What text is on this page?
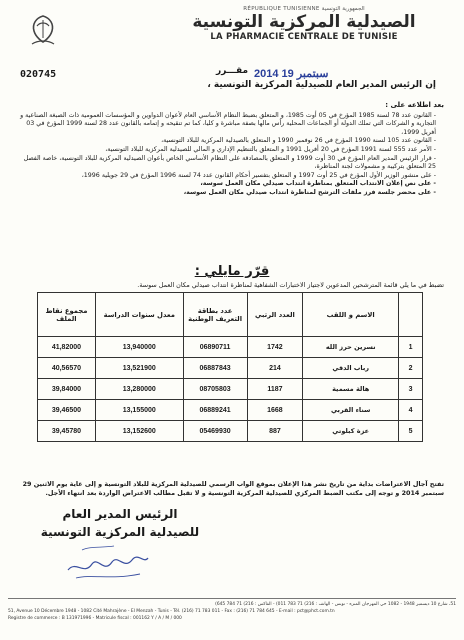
RÉPUBLIQUE TUNISIENNE الجمهورية التونسية
الصيدلية المركزية التونسية
LA PHARMACIE CENTRALE DE TUNISIE
020745	مقـــرر 2014 سبتمبر 19
إن الرئيس المدير العام للصيدلية المركزية التونسية ،
بعد اطلاعه على :
- القانون عدد 78 لسنة 1985 المؤرخ في 05 أوت 1985، و المتعلق بضبط النظام الأساسي العام لأعوان الدواوين و المؤسسات العمومية ذات الصبغة الصناعية و التجارية و الشركات التي تملك الدولة أو الجماعات المحلية رأس مالها بصفة مباشرة و كليا، كما تم تنقيحه و إتمامه بالقانون عدد 28 لسنة 1999 المؤرخ في 03 أفريل 1999،
- القانون عدد 105 لسنة 1990 المؤرخ في 26 نوفمبر 1990 و المتعلق بالصيدلية المركزية للبلاد التونسية،
- الأمر عدد 555 لسنة 1991 المؤرخ في 20 أفريل 1991 و المتعلق بالتنظيم الإداري و المالي للصيدلية المركزية للبلاد التونسية،
- قرار الرئيس المدير العام المؤرخ في 30 أوت 1999 و المتعلق بالمصادقة على النظام الأساسي الخاص بأعوان الصيدلية المركزية للبلاد التونسية، خاصة الفصل 25 المتعلق بتركيبة و مشمولات لجنة المناظرة،
- على منشور الوزير الأول المؤرخ في 25 أوت 1997 و المتعلق بتفسير أحكام القانون عدد 74 لسنة 1996 المؤرخ في 29 جويلية 1996،
- على نص إعلان الانتداب المتعلق بمناظرة انتداب صيدلي مكان العمل سوسة،
- على محضر جلسة فرز ملفات الترشح لمناظرة انتداب صيدلي مكان العمل سوسة،
قرّر مايلي :
تضبط في ما يلي قائمة المترشحين المدعوين لاجتياز الاختبارات الشفاهية لمناظرة انتداب صيدلي مكان العمل سوسة.
مجموع نقاط الملف	معدل سنوات الدراسة	عدد بطاقة التعريف الوطنية	العدد الرتبي	الاسم و اللقب	
41,82000	13,940000	06890711	1742	نسرين حرز الله	1
40,56570	13,521900	06887843	214	رباب الدقي	2
39,84000	13,280000	08705803	1187	هالة مسمية	3
39,46500	13,155000	06889241	1668	سناء القربي	4
39,45780	13,152600	05469930	887	عزة كبلوتي	5
تفتح آجال الاعتراضات بداية من تاريخ نشر هذا الإعلان بموقع الواب الرسمي للصيدلية المركزية للبلاد التونسية و إلى غاية يوم الاثنين 29 سبتمبر 2014 و توجه إلى مكتب الضبط المركزي للصيدلية المركزية التونسية و لا تقبل مطالب الاعتراض الواردة بعد انتهاء الأجل.
الرئيس المدير العام
للصيدلية المركزية التونسية
51، شارع 10 ديسمبر 1948 - 1082 حي المهرجان المنزه - تونس - الهاتف : 216) 71 783 011) - الفاكس : 216) 71 784 645)
51, Avenue 10 Décembre 1948 - 1082 Cité Mahrajène - El Menzah - Tunis - Tél. (216) 71 783 011 - Fax : (216) 71 784 645 - E-mail : pct@phct.com.tn
Registre de commerce : B 131971996 - Matricule fiscal : 001162 Y / A / M / 000
